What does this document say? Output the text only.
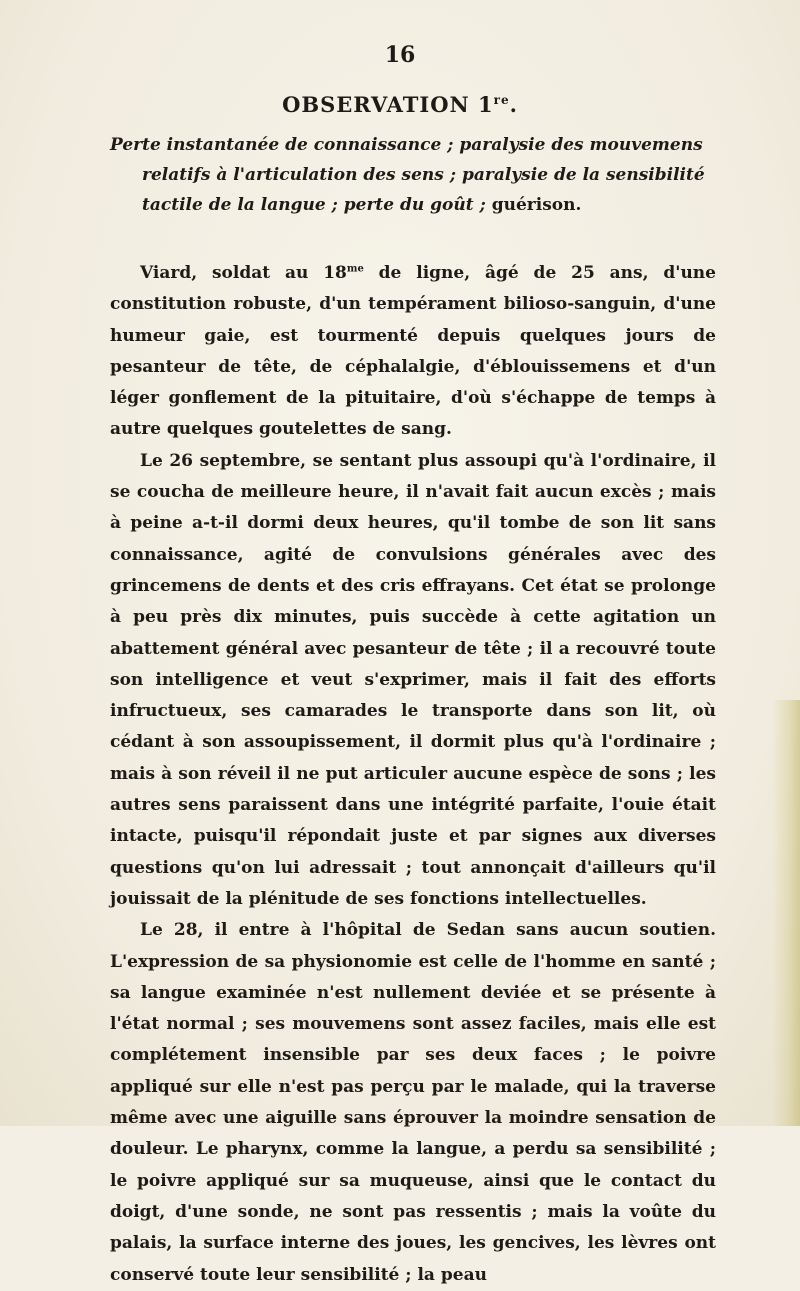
16
OBSERVATION 1re.
Perte instantanée de connaissance ; paralysie des mouvemens relatifs à l'articulation des sens ; paralysie de la sensibilité tactile de la langue ; perte du goût ; guérison.

Viard, soldat au $18^{me}$ de ligne, âgé de 25 ans, d'une constitution robuste, d'un tempérament bilioso-sanguin, d'une humeur gaie, est tourmenté depuis quelques jours de pesanteur de tête, de céphalalgie, d'éblouissemens et d'un léger gonflement de la pituitaire, d'où s'échappe de temps à autre quelques goutelettes de sang.

Le 26 septembre, se sentant plus assoupi qu'à l'ordinaire, il se coucha de meilleure heure, il n'avait fait aucun excès ; mais à peine a-t-il dormi deux heures, qu'il tombe de son lit sans connaissance, agité de convulsions générales avec des grincemens de dents et des cris effrayans. Cet état se prolonge à peu près dix minutes, puis succède à cette agitation un abattement général avec pesanteur de tête ; il a recouvré toute son intelligence et veut s'exprimer, mais il fait des efforts infructueux, ses camarades le transporte dans son lit, où cédant à son assoupissement, il dormit plus qu'à l'ordinaire ; mais à son réveil il ne put articuler aucune espèce de sons ; les autres sens paraissent dans une intégrité parfaite, l'ouie était intacte, puisqu'il répondait juste et par signes aux diverses questions qu'on lui adressait ; tout annonçait d'ailleurs qu'il jouissait de la plénitude de ses fonctions intellectuelles.

Le 28, il entre à l'hôpital de Sedan sans aucun soutien. L'expression de sa physionomie est celle de l'homme en santé ; sa langue examinée n'est nullement deviée et se présente à l'état normal ; ses mouvemens sont assez faciles, mais elle est complétement insensible par ses deux faces ; le poivre appliqué sur elle n'est pas perçu par le malade, qui la traverse même avec une aiguille sans éprouver la moindre sensation de douleur. Le pharynx, comme la langue, a perdu sa sensibilité ; le poivre appliqué sur sa muqueuse, ainsi que le contact du doigt, d'une sonde, ne sont pas ressentis ; mais la voûte du palais, la surface interne des joues, les gencives, les lèvres ont conservé toute leur sensibilité ; la peau
